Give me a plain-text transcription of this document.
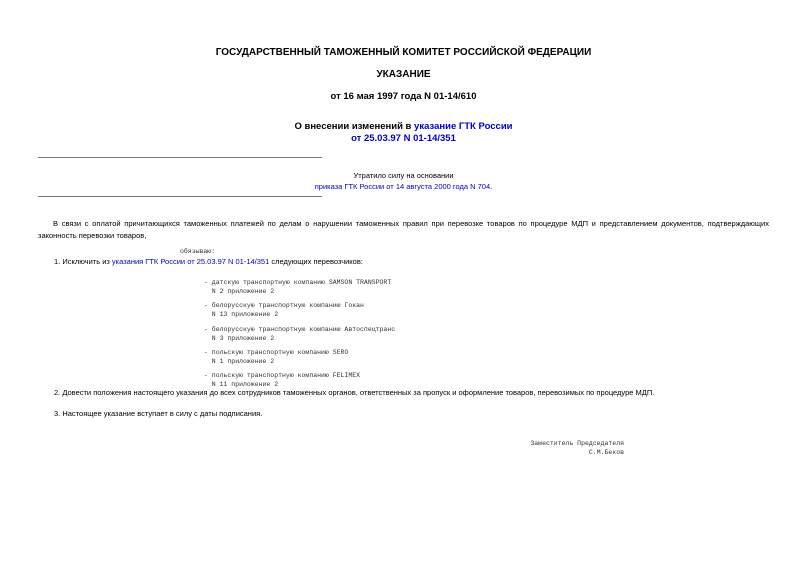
ГОСУДАРСТВЕННЫЙ ТАМОЖЕННЫЙ КОМИТЕТ РОССИЙСКОЙ ФЕДЕРАЦИИ
УКАЗАНИЕ
от 16 мая 1997 года N 01-14/610
О внесении изменений в указание ГТК России
от 25.03.97 N 01-14/351
Утратило силу на основании
приказа ГТК России от 14 августа 2000 года N 704.
В связи с оплатой причитающихся таможенных платежей по делам о нарушении таможенных правил при перевозке товаров по процедуре МДП и представлением документов, подтверждающих законность перевозки товаров,
обязываю:
1. Исключить из указания ГТК России от 25.03.97 N 01-14/351 следующих перевозчиков:
- датскую транспортную компанию SAMSON TRANSPORT
N 2 приложение 2
- белорусскую транспортную компанию Гокан
N 13 приложение 2
- белорусскую транспортную компанию Автоспецтранс
N 3 приложение 2
- польскую транспортную компанию SERO
N 1 приложение 2
- польскую транспортную компанию FELIMEX
N 11 приложение 2
2. Довести положения настоящего указания до всех сотрудников таможенных органов, ответственных за пропуск и оформление товаров, перевозимых по процедуре МДП.
3. Настоящее указание вступает в силу с даты подписания.
Заместитель Председателя
С.М.Беков
